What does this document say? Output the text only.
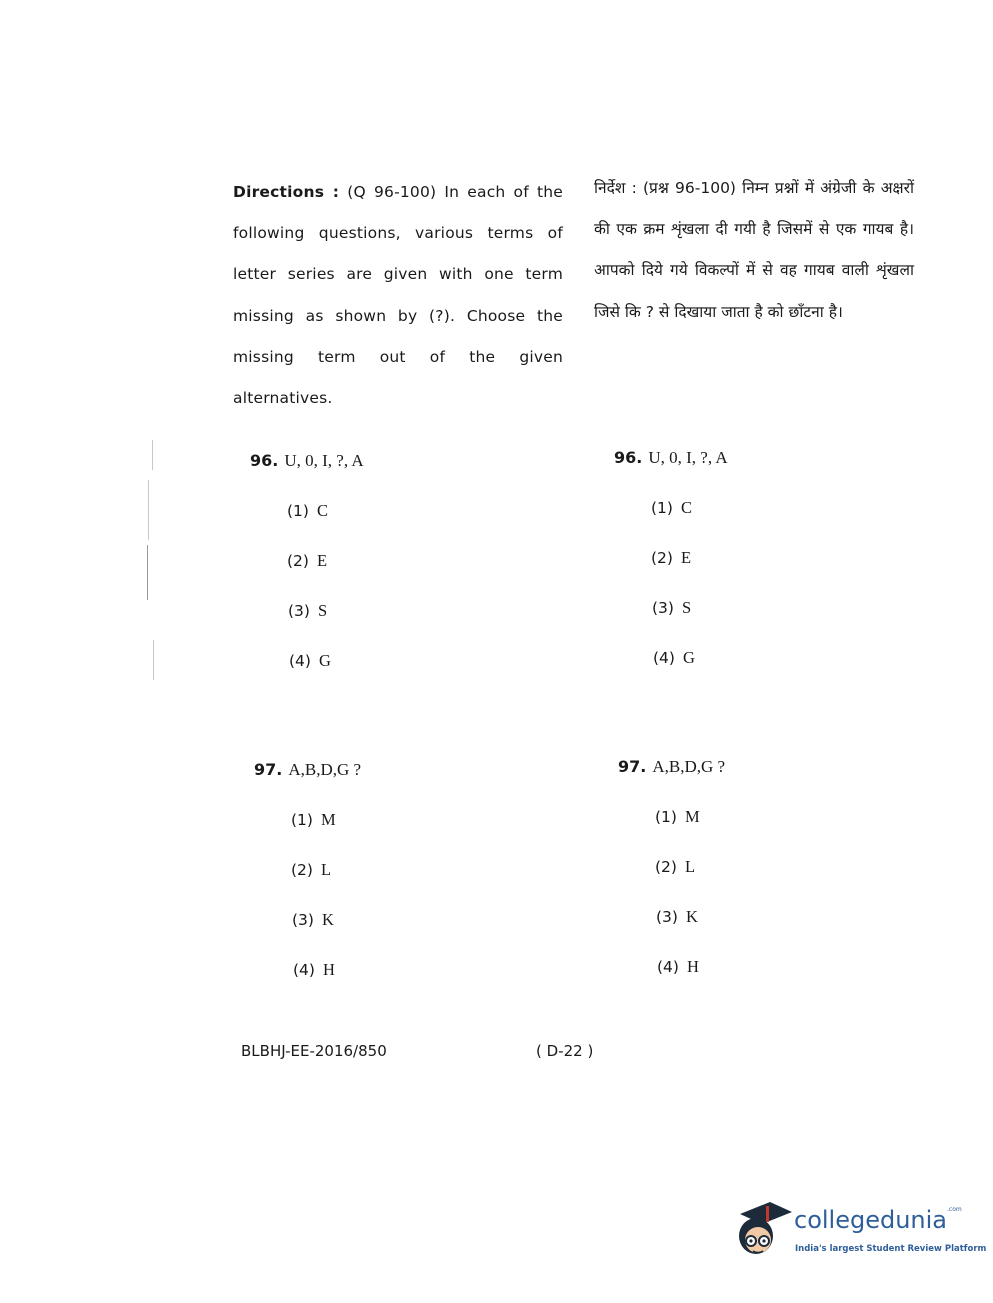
Directions : (Q 96-100) In each of the following questions, various terms of letter series are given with one term missing as shown by (?). Choose the missing term out of the given alternatives.
निर्देश : (प्रश्न 96-100) निम्न प्रश्नों में अंग्रेजी के अक्षरों की एक क्रम शृंखला दी गयी है जिसमें से एक गायब है। आपको दिये गये विकल्पों में से वह गायब वाली शृंखला जिसे कि ? से दिखाया जाता है को छाँटना है।
96. U, 0, I, ?, A
(1) C
(2) E
(3) S
(4) G
96. U, 0, I, ?, A
(1) C
(2) E
(3) S
(4) G
97. A,B,D,G ?
(1) M
(2) L
(3) K
(4) H
97. A,B,D,G ?
(1) M
(2) L
(3) K
(4) H
BLBHJ-EE-2016/850	( D-22 )
collegedunia$^{.com}$
India's largest Student Review Platform
